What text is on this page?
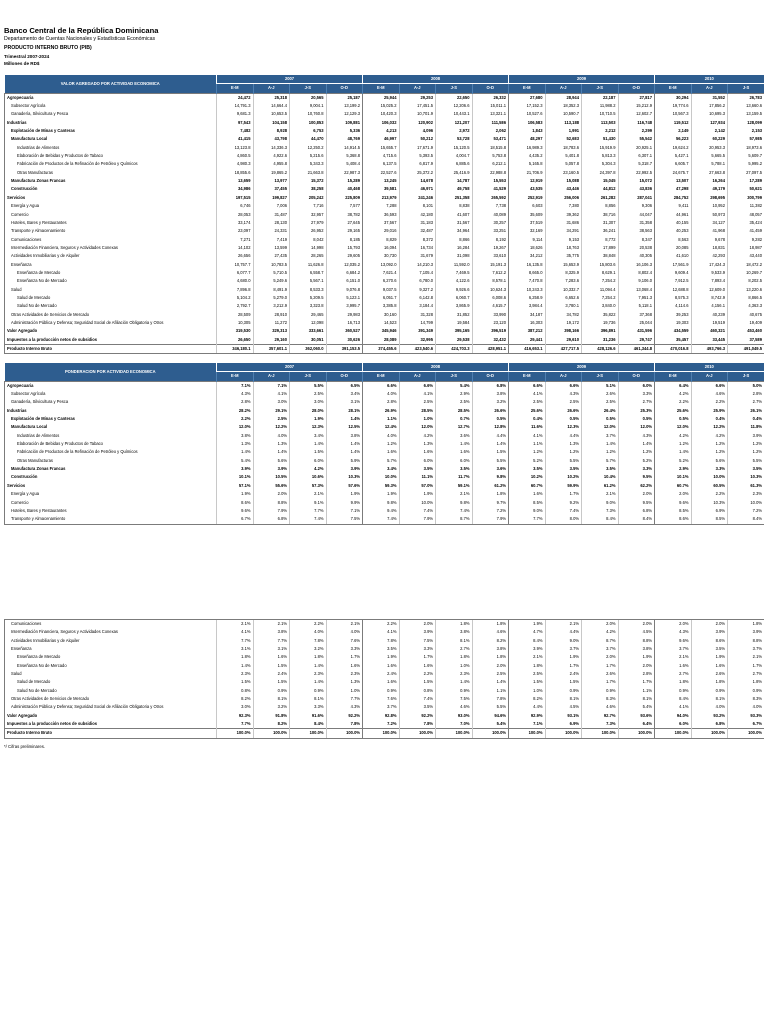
Banco Central de la República Dominicana
Departamento de Cuentas Nacionales y Estadísticas Económicas
PRODUCTO INTERNO BRUTO (PIB)
Trimestral 2007-2024
Millones de RD$
VALOR AGREGADO POR ACTIVIDAD ECONOMICA	2007				2008				2009				2010		
	E-M	A-J	J-S	O-D	E-M	A-J	J-S	O-D	E-M	A-J	J-S	O-D	E-M	A-J	J-S
Agropecuaria	24,472	25,318	20,565	25,187	25,944	29,253	22,650	26,332	27,680	28,944	22,187	27,817	30,294	31,552	26,783
Subsector Agrícola	14,791.3	14,664.4	9,004.1	13,199.2	15,025.2	17,451.5	12,206.6	15,011.1	17,152.3	18,352.3	11,988.2	15,212.9	19,774.6	17,856.2	13,660.6
Ganadería, Silvicultura y Pesca	9,681.3	10,653.5	10,760.8	12,129.3	10,420.3	10,701.9	10,443.1	13,321.1	10,527.6	10,590.7	10,710.5	12,602.7	10,567.3	10,695.3	13,159.5
Industrias	97,543	104,158	100,853	109,881	106,032	120,902	121,207	111,586	106,583	113,188	113,503	116,748	119,512	127,934	128,099
Explotación de Minas y Canteras	7,482	8,928	6,753	5,336	4,213	4,096	2,972	2,062	1,843	1,991	2,212	2,299	2,149	2,142	2,153
Manufactura Local	41,415	43,798	44,470	48,769	46,997	50,212	53,728	53,471	48,297	52,683	51,430	55,542	56,223	60,229	57,985
Industrias de Alimentos	13,123.8	14,336.3	12,250.2	14,914.5	15,655.7	17,671.9	15,120.5	18,515.8	16,989.3	18,783.6	15,919.9	20,925.1	19,624.2	20,953.3	18,973.6
Elaboración de Bebidas y Productos de Tabaco	4,860.5	4,922.6	5,215.6	5,368.8	4,715.6	5,393.5	4,004.7	5,753.8	4,435.2	5,401.8	5,813.3	6,307.1	5,427.1	5,665.5	5,609.7
Fabricación de Productos de la Refinación de Petróleo y Químicos	4,980.3	4,955.8	5,343.3	5,408.4	6,137.5	6,817.9	6,885.6	6,212.1	5,165.8	5,057.8	5,304.3	5,318.7	6,605.7	5,788.1	5,995.2
Otras Manufacturas	18,855.6	19,865.2	21,663.8	22,987.3	22,527.6	25,372.2	25,416.9	22,988.8	21,706.9	23,160.5	24,397.8	22,992.5	24,675.7	27,663.8	27,097.5
Manufactura Zonas Francas	13,659	13,977	15,372	15,289	13,245	14,678	14,787	15,553	12,919	15,088	15,045	15,072	13,507	16,264	17,289
Construcción	34,986	37,455	38,258	40,468	39,581	46,971	49,758	41,529	43,535	43,446	44,812	43,836	47,298	49,179	50,621
Servicios	197,515	199,827	205,242	225,809	213,979	241,246	251,358	265,592	252,919	256,006	261,282	287,041	284,752	298,695	300,799
Energía y Agua	6,746	7,006	7,716	7,577	7,288	8,101	8,838	7,738	6,603	7,380	8,856	9,306	9,411	10,952	11,382
Comercio	28,053	31,487	32,957	38,782	36,593	42,180	41,607	40,089	35,609	39,362	38,716	44,047	44,961	50,973	48,057
Hoteles, Bares y Restaurantes	33,174	28,130	27,979	27,645	37,567	31,183	31,567	30,257	37,519	31,686	31,307	31,358	40,155	34,127	35,424
Transporte y Almacenamiento	23,097	24,331	26,952	29,165	29,016	32,487	34,964	33,251	32,169	34,291	36,241	38,563	40,253	41,968	41,459
Comunicaciones	7,271	7,419	8,042	8,185	8,829	8,372	8,866	8,192	9,114	9,153	8,772	8,347	8,563	9,678	9,282
Intermediación Financiera, Seguros y Actividades Conexas	14,102	13,599	14,998	15,793	16,094	16,734	16,284	19,267	18,626	18,763	17,899	20,538	20,085	18,831	18,987
Actividades Inmobiliarias y de Alquiler	26,656	27,435	28,265	29,605	30,730	31,679	31,098	33,610	34,212	35,775	38,848	40,305	41,610	42,293	43,440
Enseñanza	10,757.7	10,783.5	11,626.8	12,035.2	13,092.0	14,210.3	11,592.0	15,191.3	16,135.8	15,653.9	15,803.6	16,106.3	17,561.9	17,424.3	18,472.2
Enseñanza de Mercado	6,077.7	5,710.5	6,558.7	6,684.2	7,621.4	7,105.4	7,469.5	7,612.2	8,665.0	8,325.9	8,629.1	8,802.4	9,609.4	9,533.9	10,269.7
Enseñanza No de Mercado	4,680.0	5,249.6	5,567.1	6,151.0	6,270.6	6,780.0	4,122.6	8,578.1	7,470.8	7,283.6	7,254.2	9,106.0	7,912.5	7,893.4	8,202.5
Salud	7,896.8	8,491.9	8,533.3	9,076.8	9,037.5	9,327.2	9,926.6	10,624.3	10,243.3	10,332.7	11,094.4	13,068.4	12,688.8	12,609.0	13,220.6
Salud de Mercado	5,104.2	5,279.0	5,209.5	5,123.1	6,051.7	6,142.8	6,060.7	6,008.6	6,258.9	6,652.6	7,254.2	7,951.3	8,575.3	8,742.9	8,866.5
Salud No de Mercado	2,792.7	3,212.9	3,323.8	3,995.7	3,385.8	3,184.4	3,865.9	4,615.7	3,984.4	3,780.1	3,840.0	5,118.1	4,114.6	4,156.1	4,363.3
Otras Actividades de Servicios de Mercado	28,509	28,910	29,465	29,983	30,160	31,328	31,852	33,990	34,187	34,782	35,822	37,368	39,253	40,239	40,675
Administración Pública y Defensa; Seguridad Social de Afiliación Obligatoria y Otros	10,305	11,272	12,098	16,713	14,523	14,799	19,584	23,120	16,303	19,172	19,736	25,044	19,303	19,519	19,409
Valor Agregado	319,530	329,313	333,661	360,527	345,946	391,349	395,165	396,519	387,212	398,166	396,891	431,596	434,559	460,321	453,460
Impuestos a la producción netos de subsidios	26,650	29,160	30,051	30,626	28,089	32,995	29,538	32,432	29,441	29,610	31,236	29,747	35,457	33,445	37,589
Producto Interno Bruto	346,180.1	357,601.1	362,060.0	391,153.5	374,455.6	423,540.6	424,703.3	428,951.1	416,653.1	427,717.5	428,126.6	461,344.8	470,016.8	493,766.3	491,049.5
PONDERACION POR ACTIVIDAD ECONOMICA	2007				2008				2009				2010		
	E-M	A-J	J-S	O-D	E-M	A-J	J-S	O-D	E-M	A-J	J-S	O-D	E-M	A-J	J-S
Agropecuaria	7.1%	7.1%	5.5%	6.5%	6.6%	6.6%	5.4%	6.8%	6.6%	6.6%	5.1%	6.0%	6.4%	6.6%	5.0%
Subsector Agrícola	4.3%	4.1%	2.5%	3.4%	4.0%	4.1%	2.9%	3.8%	4.1%	4.3%	2.6%	3.3%	4.2%	4.6%	2.8%
Ganadería, Silvicultura y Pesca	2.8%	3.0%	3.0%	3.1%	2.8%	2.5%	2.5%	3.2%	2.5%	2.5%	2.5%	2.7%	2.2%	2.2%	2.7%
Industrias	28.2%	29.1%	28.0%	28.1%	26.9%	28.5%	28.5%	26.6%	25.6%	26.6%	26.4%	25.3%	25.6%	25.9%	26.1%
Explotación de Minas y Canteras	2.2%	2.5%	1.9%	1.4%	1.1%	1.0%	0.7%	0.5%	0.4%	0.5%	0.5%	0.5%	0.5%	0.4%	0.4%
Manufactura Local	12.0%	12.2%	12.3%	12.5%	12.4%	12.0%	12.7%	12.8%	11.6%	12.3%	12.0%	12.0%	12.0%	12.2%	11.8%
Industrias de Alimentos	3.8%	4.0%	3.4%	3.8%	4.0%	4.2%	3.6%	4.4%	4.1%	4.4%	3.7%	4.3%	4.2%	4.2%	3.9%
Elaboración de Bebidas y Productos de Tabaco	1.3%	1.3%	1.4%	1.4%	1.2%	1.3%	1.4%	1.4%	1.1%	1.3%	1.4%	1.4%	1.2%	1.2%	1.2%
Fabricación de Productos de la Refinación de Petróleo y Químicos	1.4%	1.4%	1.5%	1.4%	1.6%	1.6%	1.6%	1.5%	1.2%	1.2%	1.2%	1.2%	1.4%	1.2%	1.2%
Otras Manufacturas	5.4%	5.6%	6.0%	5.9%	5.7%	6.0%	6.0%	5.5%	5.2%	5.5%	5.7%	5.2%	5.2%	5.6%	5.5%
Manufactura Zonas Francas	3.9%	3.9%	4.2%	3.9%	3.4%	3.5%	3.5%	3.6%	3.5%	3.5%	3.5%	3.3%	2.9%	3.3%	3.5%
Construcción	10.1%	10.5%	10.6%	10.3%	10.0%	11.1%	11.7%	9.8%	10.2%	10.2%	10.4%	9.5%	10.1%	10.0%	10.3%
Servicios	57.1%	55.6%	57.3%	57.6%	59.3%	57.0%	59.1%	61.2%	60.7%	59.9%	61.2%	62.2%	60.7%	60.5%	61.3%
Energía y Agua	1.9%	2.0%	2.1%	1.9%	1.9%	1.9%	2.1%	1.8%	1.6%	1.7%	2.1%	2.0%	2.0%	2.2%	2.3%
Comercio	8.6%	8.8%	9.1%	9.9%	9.8%	10.0%	9.8%	9.7%	8.5%	9.2%	9.0%	9.5%	9.6%	10.3%	10.0%
Hoteles, Bares y Restaurantes	9.6%	7.9%	7.7%	7.1%	9.4%	7.4%	7.4%	7.2%	9.0%	7.4%	7.3%	6.8%	8.5%	6.9%	7.2%
Transporte y Almacenamiento	6.7%	6.8%	7.4%	7.5%	7.4%	7.9%	8.7%	7.9%	7.7%	8.0%	8.4%	8.4%	8.6%	8.5%	8.4%
Comunicaciones	2.1%	2.1%	2.2%	2.1%	2.2%	2.0%	1.8%	1.8%	1.9%	2.1%	2.0%	2.0%	2.0%	2.0%	1.8%
Intermediación Financiera, Seguros y Actividades Conexas	4.1%	3.8%	4.0%	4.0%	4.1%	3.9%	3.8%	4.6%	4.7%	4.4%	4.2%	4.5%	4.3%	3.9%	3.9%
Actividades Inmobiliarias y de Alquiler	7.7%	7.7%	7.8%	7.6%	7.8%	7.5%	8.1%	8.2%	8.4%	9.0%	8.7%	8.8%	9.6%	8.6%	8.8%
Enseñanza	3.1%	3.1%	3.2%	3.3%	3.5%	3.3%	2.7%	3.8%	3.9%	3.7%	3.7%	3.8%	3.7%	3.5%	3.7%
Enseñanza de Mercado	1.8%	1.6%	1.8%	1.7%	1.9%	1.7%	1.8%	1.8%	2.1%	1.9%	2.0%	1.9%	2.1%	1.9%	2.1%
Enseñanza No de Mercado	1.4%	1.5%	1.4%	1.6%	1.6%	1.6%	1.0%	2.0%	1.8%	1.7%	1.7%	2.0%	1.6%	1.6%	1.7%
Salud	2.3%	2.4%	2.3%	2.3%	2.4%	2.2%	2.3%	2.5%	2.5%	2.4%	2.6%	2.8%	2.7%	2.6%	2.7%
Salud de Mercado	1.5%	1.5%	1.4%	1.3%	1.6%	1.5%	1.4%	1.4%	1.5%	1.5%	1.7%	1.7%	1.8%	1.8%	1.8%
Salud No de Mercado	0.8%	0.9%	0.9%	1.0%	0.9%	0.8%	0.9%	1.1%	1.0%	0.9%	0.9%	1.1%	0.9%	0.9%	0.9%
Otras Actividades de Servicios de Mercado	8.2%	8.1%	8.1%	7.7%	7.6%	7.4%	7.5%	7.8%	8.2%	8.1%	8.3%	8.1%	8.4%	8.1%	8.3%
Administración Pública y Defensa; Seguridad Social de Afiliación Obligatoria y Otros	3.0%	3.2%	3.3%	4.3%	3.7%	3.5%	4.6%	5.5%	4.4%	4.5%	4.6%	5.4%	4.1%	4.0%	4.0%
Valor Agregado	92.3%	91.8%	91.6%	92.2%	92.8%	92.2%	93.0%	94.6%	92.9%	93.1%	92.7%	93.6%	94.0%	93.2%	93.3%
Impuestos a la producción netos de subsidios	7.7%	8.2%	8.4%	7.8%	7.2%	7.8%	7.0%	5.4%	7.1%	6.9%	7.3%	6.4%	6.0%	6.8%	6.7%
Producto Interno Bruto	100.0%	100.0%	100.0%	100.0%	100.0%	100.0%	100.0%	100.0%	100.0%	100.0%	100.0%	100.0%	100.0%	100.0%	100.0%
*/ Cifras preliminares.
